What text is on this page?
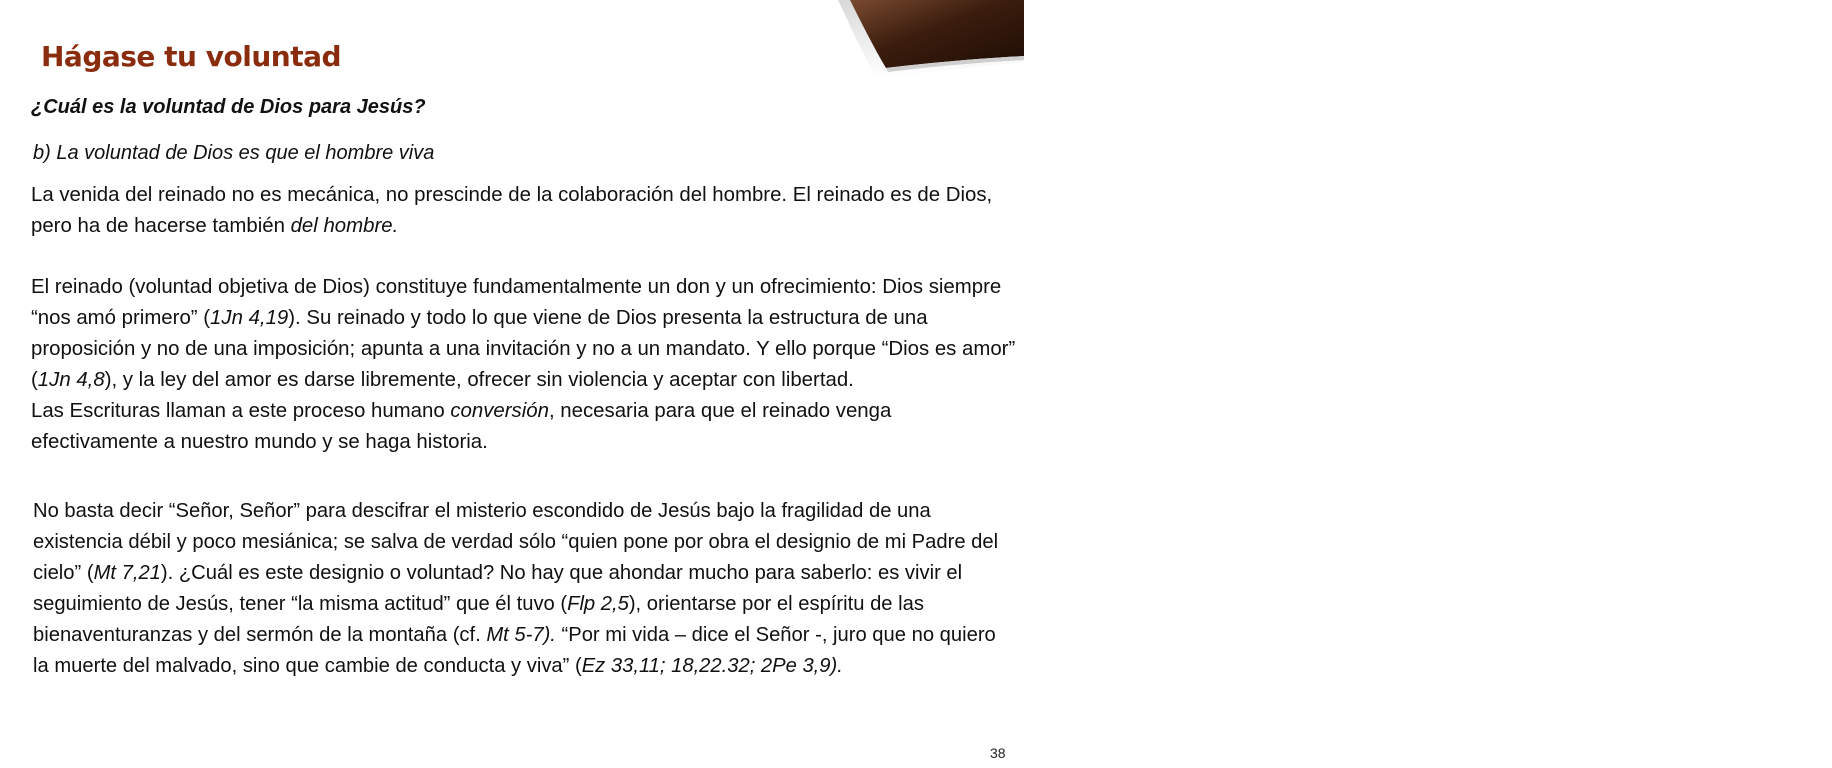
JJ Arias
Hágase tu voluntad
¿Cuál es la voluntad de Dios para Jesús?
b) La voluntad de Dios es que el hombre viva

La venida del reinado no es mecánica, no prescinde de la colaboración del hombre. El reinado es de Dios, pero ha de hacerse también del hombre.

El reinado (voluntad objetiva de Dios) constituye fundamentalmente un don y un ofrecimiento: Dios siempre “nos amó primero” (1Jn 4,19). Su reinado y todo lo que viene de Dios presenta la estructura de una proposición y no de una imposición; apunta a una invitación y no a un mandato. Y ello porque “Dios es amor” (1Jn 4,8), y la ley del amor es darse libremente, ofrecer sin violencia y aceptar con libertad.
Las Escrituras llaman a este proceso humano conversión, necesaria para que el reinado venga efectivamente a nuestro mundo y se haga historia.

No basta decir “Señor, Señor” para descifrar el misterio escondido de Jesús bajo la fragilidad de una existencia débil y poco mesiánica; se salva de verdad sólo “quien pone por obra el designio de mi Padre del cielo” (Mt 7,21). ¿Cuál es este designio o voluntad? No hay que ahondar mucho para saberlo: es vivir el seguimiento de Jesús, tener “la misma actitud” que él tuvo (Flp 2,5), orientarse por el espíritu de las bienaventuranzas y del sermón de la montaña (cf. Mt 5-7). “Por mi vida – dice el Señor -, juro que no quiero la muerte del malvado, sino que cambie de conducta y viva” (Ez 33,11; 18,22.32; 2Pe 3,9).

38
